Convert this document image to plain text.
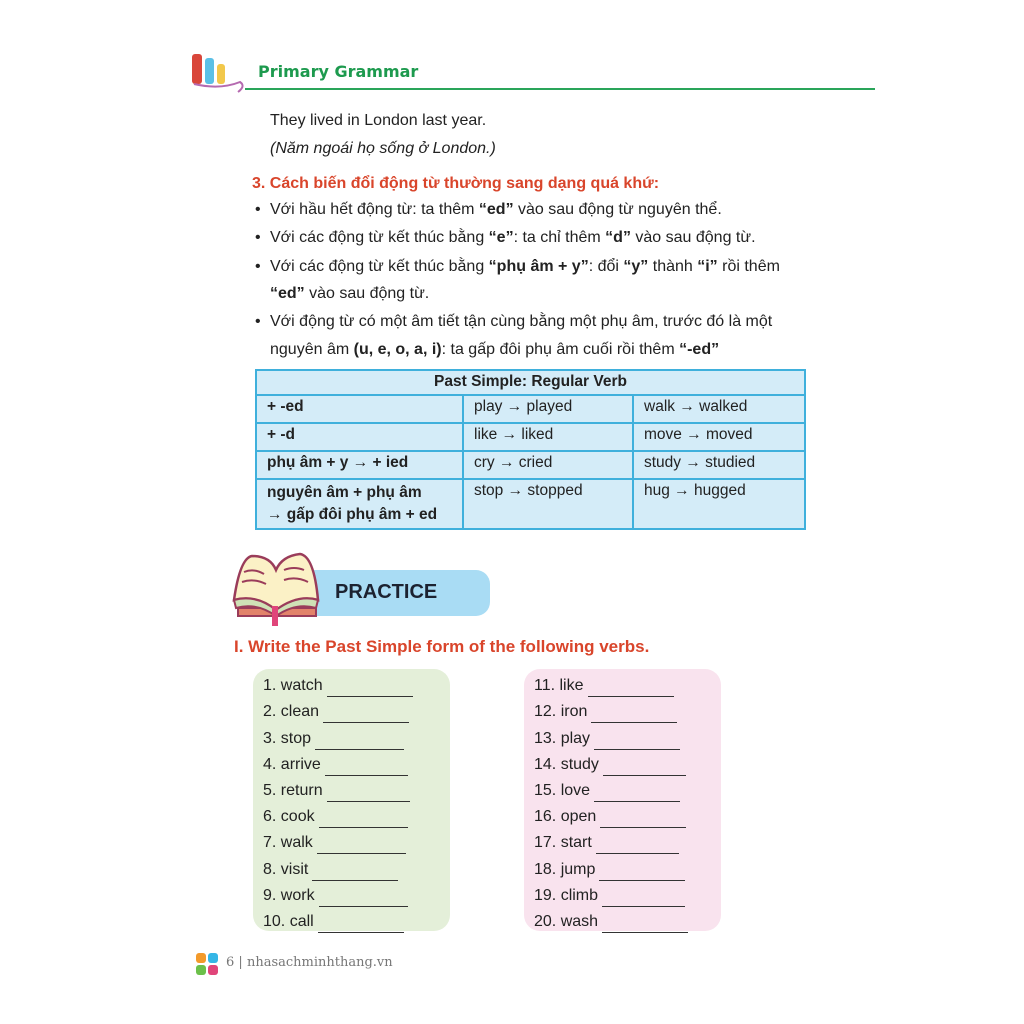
Primary Grammar
They lived in London last year.
(Năm ngoái họ sống ở London.)
3. Cách biến đổi động từ thường sang dạng quá khứ:
• Với hầu hết động từ: ta thêm “ed” vào sau động từ nguyên thể.
• Với các động từ kết thúc bằng “e”: ta chỉ thêm “d” vào sau động từ.
• Với các động từ kết thúc bằng “phụ âm + y”: đổi “y” thành “i” rồi thêm
“ed” vào sau động từ.
• Với động từ có một âm tiết tận cùng bằng một phụ âm, trước đó là một
nguyên âm (u, e, o, a, i): ta gấp đôi phụ âm cuối rồi thêm “-ed”
Past Simple: Regular Verb		
+ -ed	play → played	walk → walked
+ -d	like → liked	move → moved
phụ âm + y → + ied	cry → cried	study → studied
nguyên âm + phụ âm
→ gấp đôi phụ âm + ed	stop → stopped	hug → hugged
PRACTICE
I. Write the Past Simple form of the following verbs.
1. watch
2. clean
3. stop
4. arrive
5. return
6. cook
7. walk
8. visit
9. work
10. call
11. like
12. iron
13. play
14. study
15. love
16. open
17. start
18. jump
19. climb
20. wash
6 | nhasachminhthang.vn
